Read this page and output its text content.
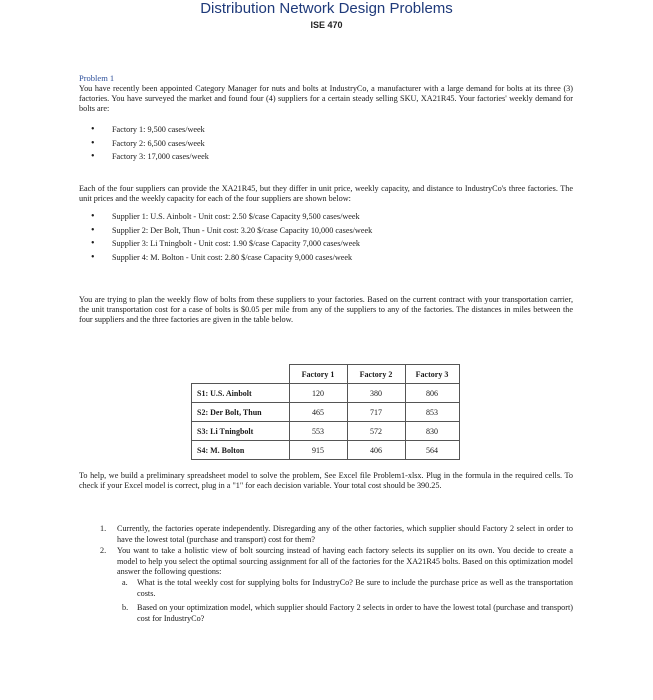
Distribution Network Design Problems
ISE 470
Problem 1
You have recently been appointed Category Manager for nuts and bolts at IndustryCo, a manufacturer with a large demand for bolts at its three (3) factories. You have surveyed the market and found four (4) suppliers for a certain steady selling SKU, XA21R45. Your factories' weekly demand for bolts are:
• Factory 1: 9,500 cases/week
• Factory 2: 6,500 cases/week
• Factory 3: 17,000 cases/week
Each of the four suppliers can provide the XA21R45, but they differ in unit price, weekly capacity, and distance to IndustryCo's three factories. The unit prices and the weekly capacity for each of the four suppliers are shown below:
• Supplier 1: U.S. Ainbolt - Unit cost: 2.50 $/case Capacity 9,500 cases/week
• Supplier 2: Der Bolt, Thun - Unit cost: 3.20 $/case Capacity 10,000 cases/week
• Supplier 3: Li Tningbolt - Unit cost: 1.90 $/case Capacity 7,000 cases/week
• Supplier 4: M. Bolton - Unit cost: 2.80 $/case Capacity 9,000 cases/week
You are trying to plan the weekly flow of bolts from these suppliers to your factories. Based on the current contract with your transportation carrier, the unit transportation cost for a case of bolts is $0.05 per mile from any of the suppliers to any of the factories. The distances in miles between the four suppliers and the three factories are given in the table below.
	Factory 1	Factory 2	Factory 3
S1: U.S. Ainbolt	120	380	806
S2: Der Bolt, Thun	465	717	853
S3: Li Tningbolt	553	572	830
S4: M. Bolton	915	406	564
To help, we build a preliminary spreadsheet model to solve the problem, See Excel file Problem1-xlsx. Plug in the formula in the required cells. To check if your Excel model is correct, plug in a "1" for each decision variable. Your total cost should be 390.25.
1. Currently, the factories operate independently. Disregarding any of the other factories, which supplier should Factory 2 select in order to have the lowest total (purchase and transport) cost for them?
2. You want to take a holistic view of bolt sourcing instead of having each factory selects its supplier on its own. You decide to create a model to help you select the optimal sourcing assignment for all of the factories for the XA21R45 bolts. Based on this optimization model answer the following questions:
a. What is the total weekly cost for supplying bolts for IndustryCo? Be sure to include the purchase price as well as the transportation costs.
b. Based on your optimization model, which supplier should Factory 2 selects in order to have the lowest total (purchase and transport) cost for IndustryCo?
